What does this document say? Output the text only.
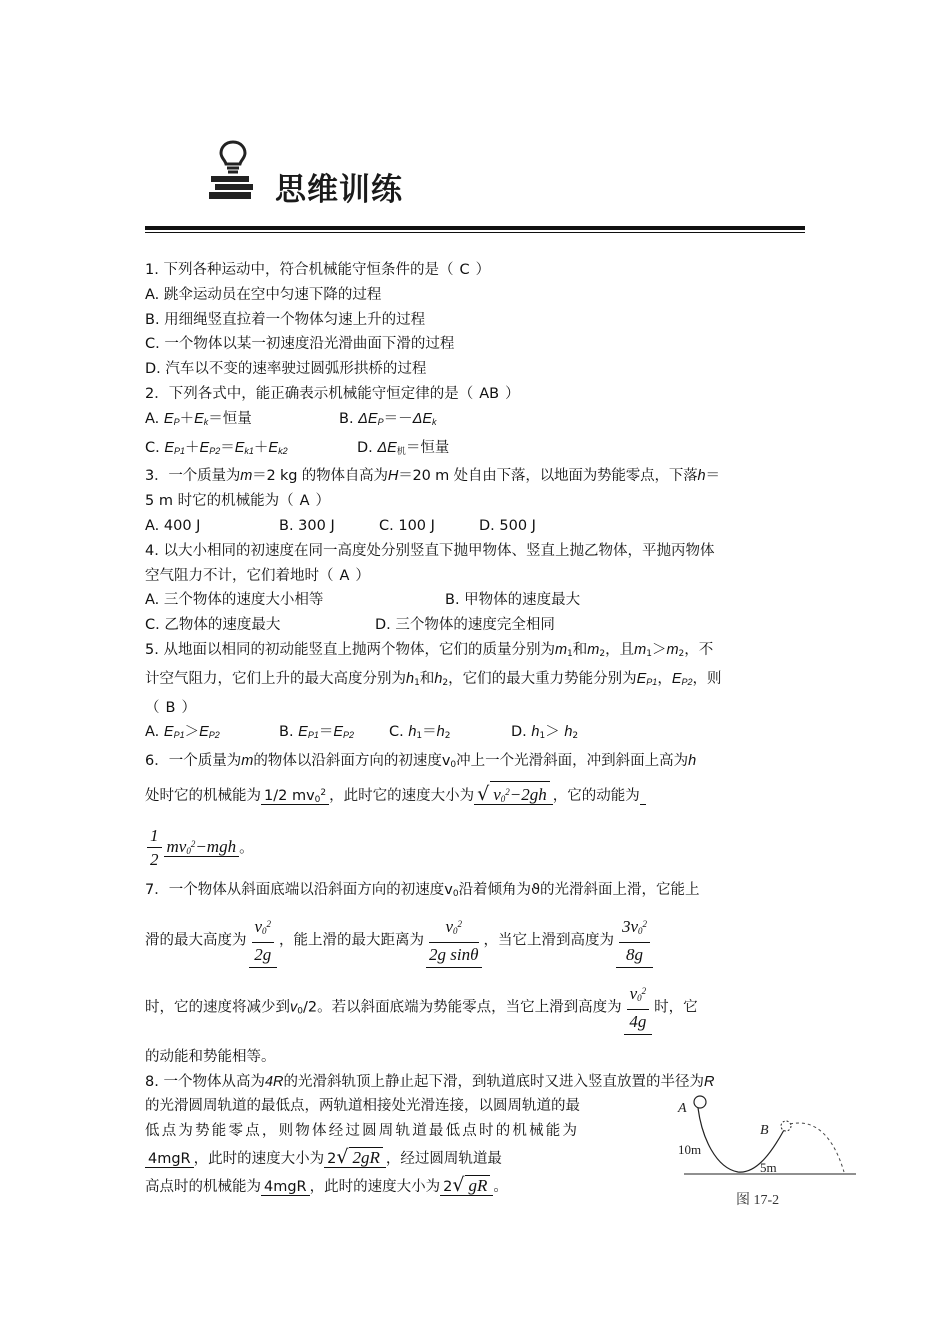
思维训练

1. 下列各种运动中，符合机械能守恒条件的是（ C ）

A. 跳伞运动员在空中匀速下降的过程

B. 用细绳竖直拉着一个物体匀速上升的过程

C. 一个物体以某一初速度沿光滑曲面下滑的过程

D. 汽车以不变的速率驶过圆弧形拱桥的过程

2．下列各式中，能正确表示机械能守恒定律的是（ AB ）

A. $E_P+E_k=$恒量	B. $\Delta E_P=-\Delta E_k$
C. $E_{P1}+E_{P2}=E_{k1}+E_{k2}$	D. $\Delta E_机=$恒量

3．一个质量为m＝2 kg 的物体自高为H＝20 m 处自由下落，以地面为势能零点，下落h＝

5 m 时它的机械能为（ A ）

A. 400 J	B. 300 J	C. 100 J	D. 500 J

4. 以大小相同的初速度在同一高度处分别竖直下抛甲物体、竖直上抛乙物体，平抛丙物体

空气阻力不计，它们着地时（ A ）

A. 三个物体的速度大小相等	B. 甲物体的速度最大
C. 乙物体的速度最大	D. 三个物体的速度完全相同

5. 从地面以相同的初动能竖直上抛两个物体，它们的质量分别为$m_1$和$m_2$，且$m_1>m_2$，不

计空气阻力，它们上升的最大高度分别为$h_1$和$h_2$，它们的最大重力势能分别为$E_{P1}$，$E_{P2}$，则

（ B ）

A. $E_{P1}>E_{P2}$	B. $E_{P1}=E_{P2}$	C. $h_1=h_2$	D. $h_1> h_2$

6．一个质量为m的物体以沿斜面方向的初速度$v_0$冲上一个光滑斜面，冲到斜面上高为h

处时它的机械能为 1/2 $mv_0^2$ ，此时它的速度大小为 √ $v_0^2-2gh$ ，它的动能为

$\frac{1}{2} mv_0^2-mgh$ 。

7．一个物体从斜面底端以沿斜面方向的初速度$v_0$沿着倾角为ϑ的光滑斜面上滑，它能上

滑的最大高度为 $\frac{v_0^2}{2g}$ ，能上滑的最大距离为 $\frac{v_0^2}{\text{2g sinθ}}$ ，当它上滑到高度为 $\frac{3v_0^2}{8g}$

时，它的速度将减少到$v_0/2$。若以斜面底端为势能零点，当它上滑到高度为 $\frac{v_0^2}{4g}$ 时，它

的动能和势能相等。

8. 一个物体从高为4R的光滑斜轨顶上静止起下滑，到轨道底时又进入竖直放置的半径为R

的光滑圆周轨道的最低点，两轨道相接处光滑连接，以圆周轨道的最

低点为势能零点，则物体经过圆周轨道最低点时的机械能为

4mgR ，此时的速度大小为 2√ 2gR ，经过圆周轨道最

高点时的机械能为 4mgR ，此时的速度大小为 2√ gR 。

A
B
10m
5m
图 17-2
